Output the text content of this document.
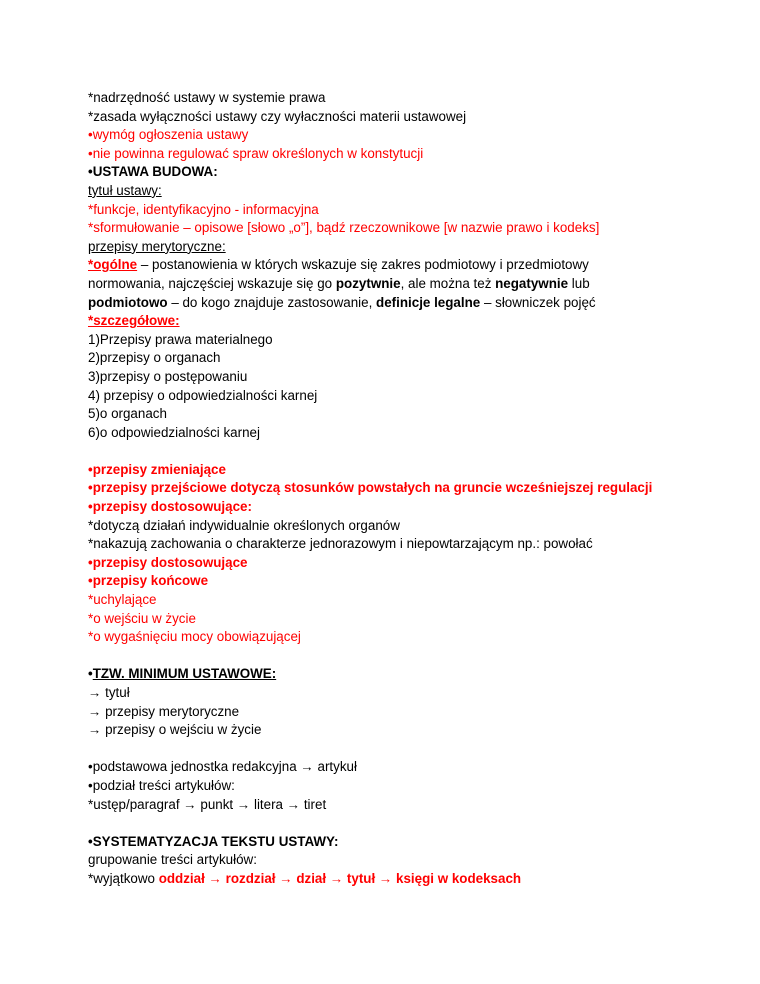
*nadrzędność ustawy w systemie prawa
*zasada wyłączności ustawy czy wyłaczności materii ustawowej
•wymóg ogłoszenia ustawy
•nie powinna regulować spraw określonych w konstytucji
•USTAWA BUDOWA:
tytuł ustawy:
*funkcje, identyfikacyjno - informacyjna
*sformułowanie – opisowe [słowo „o”], bądź rzeczownikowe [w nazwie prawo i kodeks]
przepisy merytoryczne:
*ogólne – postanowienia w których wskazuje się zakres podmiotowy i przedmiotowy
normowania, najczęściej wskazuje się go pozytwnie, ale można też negatywnie lub
podmiotowo – do kogo znajduje zastosowanie, definicje legalne – słowniczek pojęć
*szczegółowe:
1)Przepisy prawa materialnego
2)przepisy o organach
3)przepisy o postępowaniu
4) przepisy o odpowiedzialności karnej
5)o organach
6)o odpowiedzialności karnej
•przepisy zmieniające
•przepisy przejściowe dotyczą stosunków powstałych na gruncie wcześniejszej regulacji
•przepisy dostosowujące:
*dotyczą działań indywidualnie określonych organów
*nakazują zachowania o charakterze jednorazowym i niepowtarzającym np.: powołać
•przepisy dostosowujące
•przepisy końcowe
*uchylające
*o wejściu w życie
*o wygaśnięciu mocy obowiązującej
•TZW. MINIMUM USTAWOWE:
→ tytuł
→ przepisy merytoryczne
→ przepisy o wejściu w życie
•podstawowa jednostka redakcyjna → artykuł
•podział treści artykułów:
*ustęp/paragraf → punkt → litera → tiret
•SYSTEMATYZACJA TEKSTU USTAWY:
grupowanie treści artykułów:
*wyjątkowo oddział → rozdział → dział → tytuł → księgi w kodeksach
